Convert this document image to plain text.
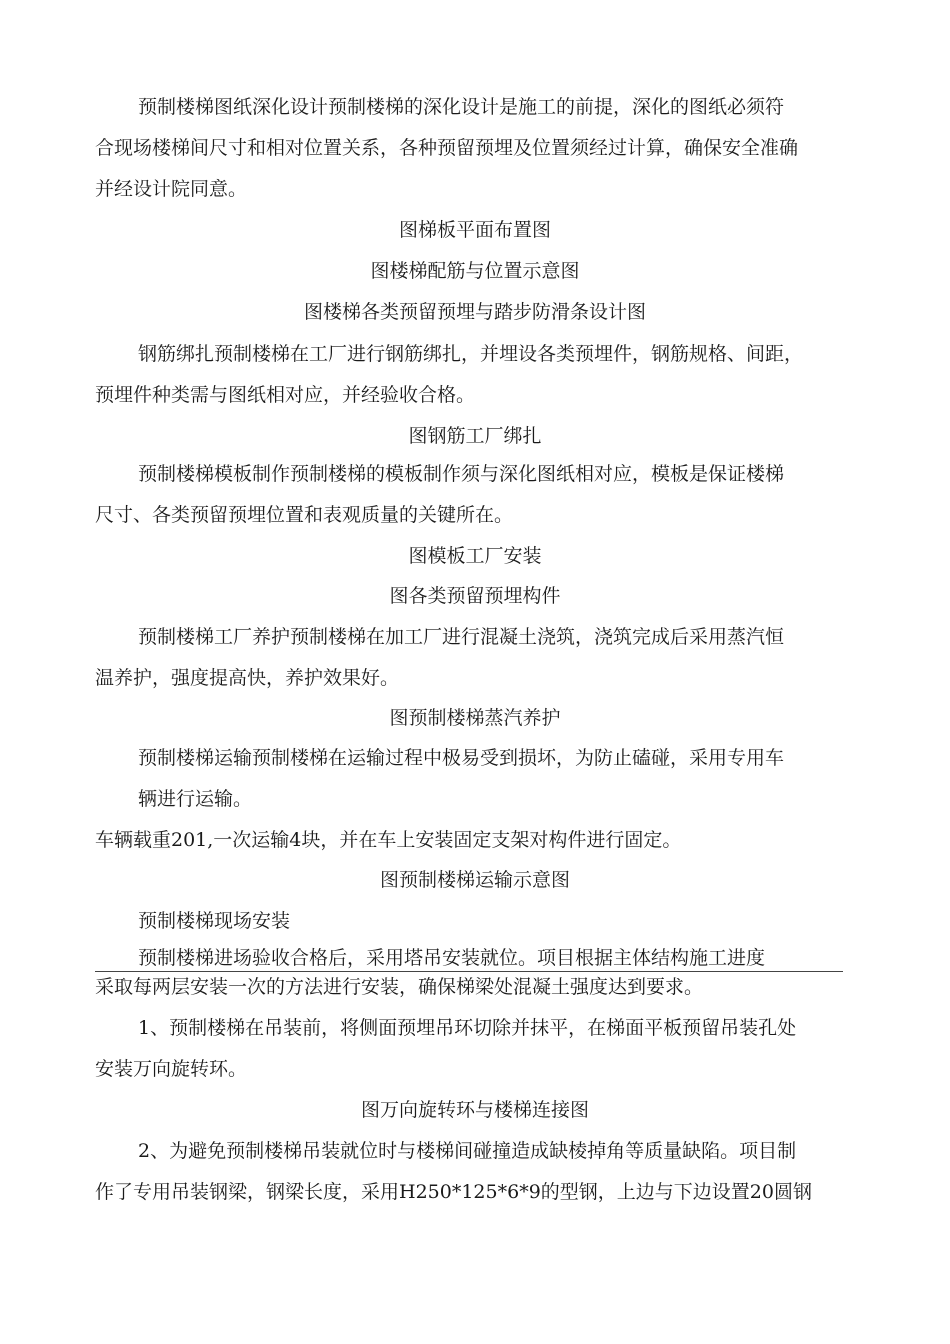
预制楼梯图纸深化设计预制楼梯的深化设计是施工的前提，深化的图纸必须符
合现场楼梯间尺寸和相对位置关系，各种预留预埋及位置须经过计算，确保安全准确
并经设计院同意。
图梯板平面布置图
图楼梯配筋与位置示意图
图楼梯各类预留预埋与踏步防滑条设计图
钢筋绑扎预制楼梯在工厂进行钢筋绑扎，并埋设各类预埋件，钢筋规格、间距，
预埋件种类需与图纸相对应，并经验收合格。
图钢筋工厂绑扎
预制楼梯模板制作预制楼梯的模板制作须与深化图纸相对应，模板是保证楼梯
尺寸、各类预留预埋位置和表观质量的关键所在。
图模板工厂安装
图各类预留预埋构件
预制楼梯工厂养护预制楼梯在加工厂进行混凝土浇筑，浇筑完成后采用蒸汽恒
温养护，强度提高快，养护效果好。
图预制楼梯蒸汽养护
预制楼梯运输预制楼梯在运输过程中极易受到损坏，为防止磕碰，采用专用车
辆进行运输。
车辆载重201,一次运输4块，并在车上安装固定支架对构件进行固定。
图预制楼梯运输示意图
预制楼梯现场安装
预制楼梯进场验收合格后，采用塔吊安装就位。项目根据主体结构施工进度
采取每两层安装一次的方法进行安装，确保梯梁处混凝土强度达到要求。
1、预制楼梯在吊装前，将侧面预埋吊环切除并抹平，在梯面平板预留吊装孔处
安装万向旋转环。
图万向旋转环与楼梯连接图
2、为避免预制楼梯吊装就位时与楼梯间碰撞造成缺棱掉角等质量缺陷。项目制
作了专用吊装钢梁，钢梁长度，采用H250*125*6*9的型钢，上边与下边设置20圆钢
